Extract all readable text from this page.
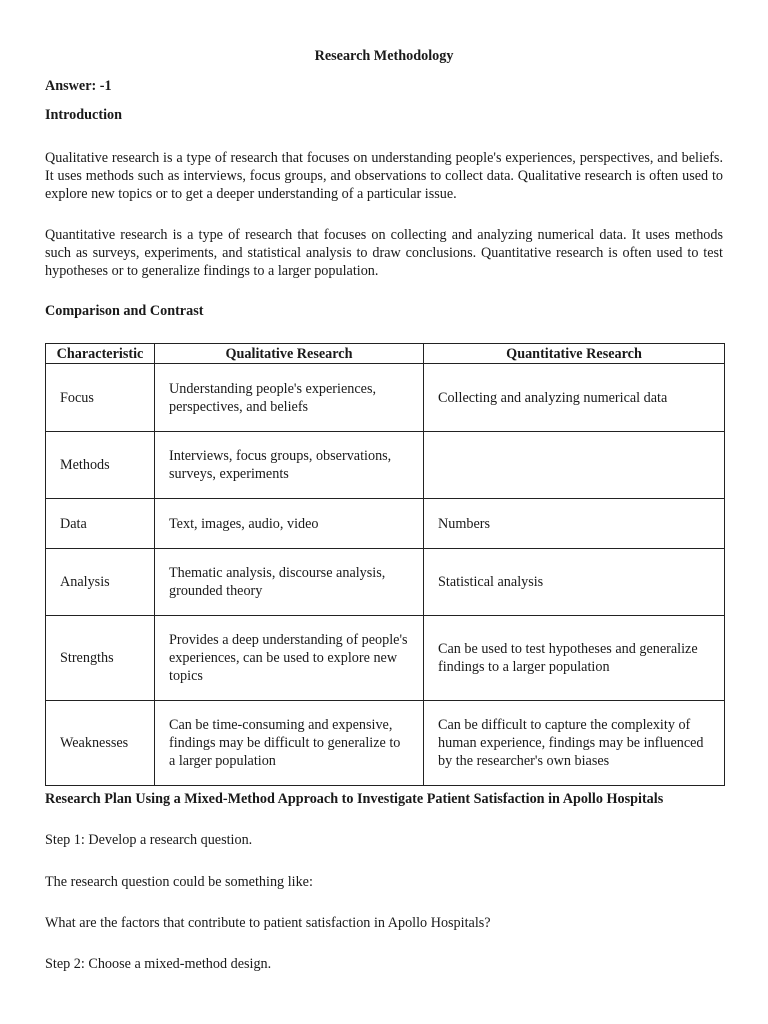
Research Methodology
Answer: -1
Introduction
Qualitative research is a type of research that focuses on understanding people's experiences, perspectives, and beliefs. It uses methods such as interviews, focus groups, and observations to collect data. Qualitative research is often used to explore new topics or to get a deeper understanding of a particular issue.
Quantitative research is a type of research that focuses on collecting and analyzing numerical data. It uses methods such as surveys, experiments, and statistical analysis to draw conclusions. Quantitative research is often used to test hypotheses or to generalize findings to a larger population.
Comparison and Contrast
Characteristic	Qualitative Research	Quantitative Research
Focus	Understanding people's experiences, perspectives, and beliefs	Collecting and analyzing numerical data
Methods	Interviews, focus groups, observations, surveys, experiments	
Data	Text, images, audio, video	Numbers
Analysis	Thematic analysis, discourse analysis, grounded theory	Statistical analysis
Strengths	Provides a deep understanding of people's experiences, can be used to explore new topics	Can be used to test hypotheses and generalize findings to a larger population
Weaknesses	Can be time-consuming and expensive, findings may be difficult to generalize to a larger population	Can be difficult to capture the complexity of human experience, findings may be influenced by the researcher's own biases
Research Plan Using a Mixed-Method Approach to Investigate Patient Satisfaction in Apollo Hospitals
Step 1: Develop a research question.
The research question could be something like:
What are the factors that contribute to patient satisfaction in Apollo Hospitals?
Step 2: Choose a mixed-method design.
